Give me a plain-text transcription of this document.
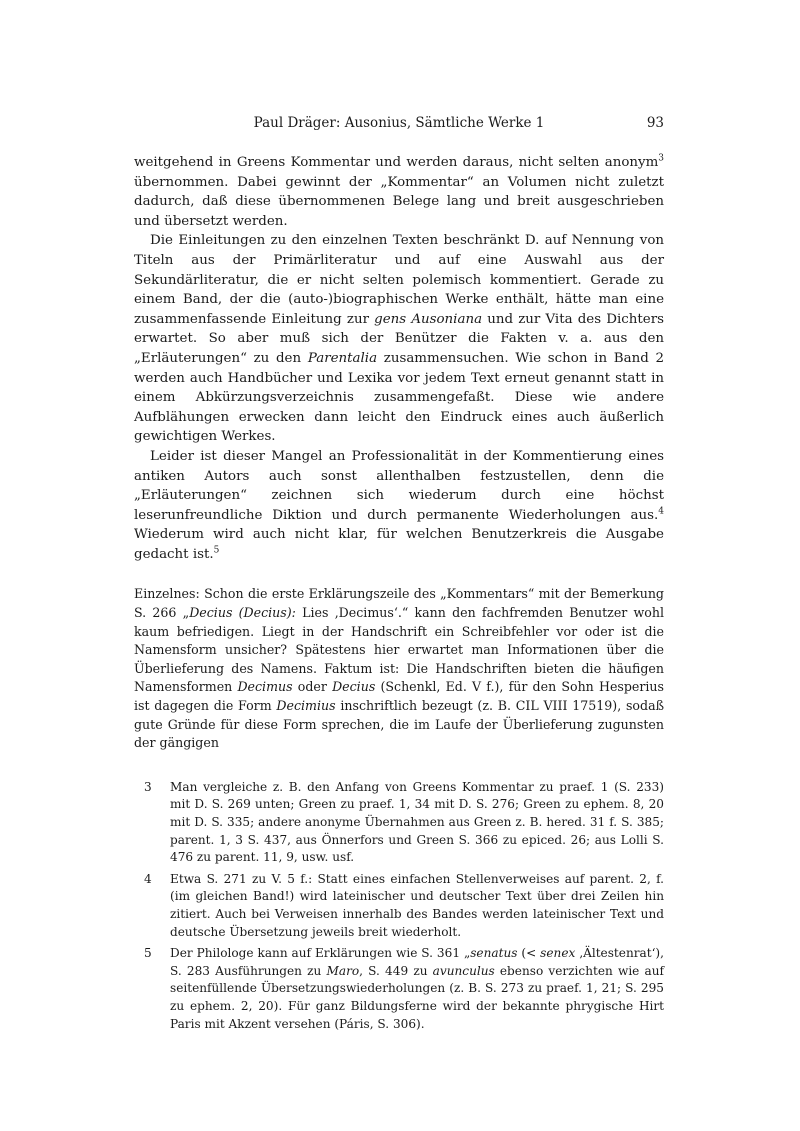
Paul Dräger: Ausonius, Sämtliche Werke 1	93

weitgehend in Greens Kommentar und werden daraus, nicht selten anonym$^3$ übernommen. Dabei gewinnt der „Kommentar“ an Volumen nicht zuletzt dadurch, daß diese übernommenen Belege lang und breit ausgeschrieben und übersetzt werden.

Die Einleitungen zu den einzelnen Texten beschränkt D. auf Nennung von Titeln aus der Primärliteratur und auf eine Auswahl aus der Sekundärliteratur, die er nicht selten polemisch kommentiert. Gerade zu einem Band, der die (auto-)biographischen Werke enthält, hätte man eine zusammenfassende Einleitung zur gens Ausoniana und zur Vita des Dichters erwartet. So aber muß sich der Benützer die Fakten v. a. aus den „Erläuterungen“ zu den Parentalia zusammensuchen. Wie schon in Band 2 werden auch Handbücher und Lexika vor jedem Text erneut genannt statt in einem Abkürzungsverzeichnis zusammengefaßt. Diese wie andere Aufblähungen erwecken dann leicht den Eindruck eines auch äußerlich gewichtigen Werkes.

Leider ist dieser Mangel an Professionalität in der Kommentierung eines antiken Autors auch sonst allenthalben festzustellen, denn die „Erläuterungen“ zeichnen sich wiederum durch eine höchst leserunfreundliche Diktion und durch permanente Wiederholungen aus.$^4$ Wiederum wird auch nicht klar, für welchen Benutzerkreis die Ausgabe gedacht ist.$^5$

Einzelnes: Schon die erste Erklärungszeile des „Kommentars“ mit der Bemerkung S. 266 „Decius (Decius): Lies ‚Decimus‘.“ kann den fachfremden Benutzer wohl kaum befriedigen. Liegt in der Handschrift ein Schreibfehler vor oder ist die Namensform unsicher? Spätestens hier erwartet man Informationen über die Überlieferung des Namens. Faktum ist: Die Handschriften bieten die häufigen Namensformen Decimus oder Decius (Schenkl, Ed. V f.), für den Sohn Hesperius ist dagegen die Form Decimius inschriftlich bezeugt (z. B. CIL VIII 17519), sodaß gute Gründe für diese Form sprechen, die im Laufe der Überlieferung zugunsten der gängigen
3	Man vergleiche z. B. den Anfang von Greens Kommentar zu praef. 1 (S. 233) mit D. S. 269 unten; Green zu praef. 1, 34 mit D. S. 276; Green zu ephem. 8, 20 mit D. S. 335; andere anonyme Übernahmen aus Green z. B. hered. 31 f. S. 385; parent. 1, 3 S. 437, aus Önnerfors und Green S. 366 zu epiced. 26; aus Lolli S. 476 zu parent. 11, 9, usw. usf.
4	Etwa S. 271 zu V. 5 f.: Statt eines einfachen Stellenverweises auf parent. 2, f. (im gleichen Band!) wird lateinischer und deutscher Text über drei Zeilen hin zitiert. Auch bei Verweisen innerhalb des Bandes werden lateinischer Text und deutsche Übersetzung jeweils breit wiederholt.
5	Der Philologe kann auf Erklärungen wie S. 361 „senatus (< senex ‚Ältestenrat‘), S. 283 Ausführungen zu Maro, S. 449 zu avunculus ebenso verzichten wie auf seitenfüllende Übersetzungswiederholungen (z. B. S. 273 zu praef. 1, 21; S. 295 zu ephem. 2, 20). Für ganz Bildungsferne wird der bekannte phrygische Hirt Paris mit Akzent versehen (Páris, S. 306).
